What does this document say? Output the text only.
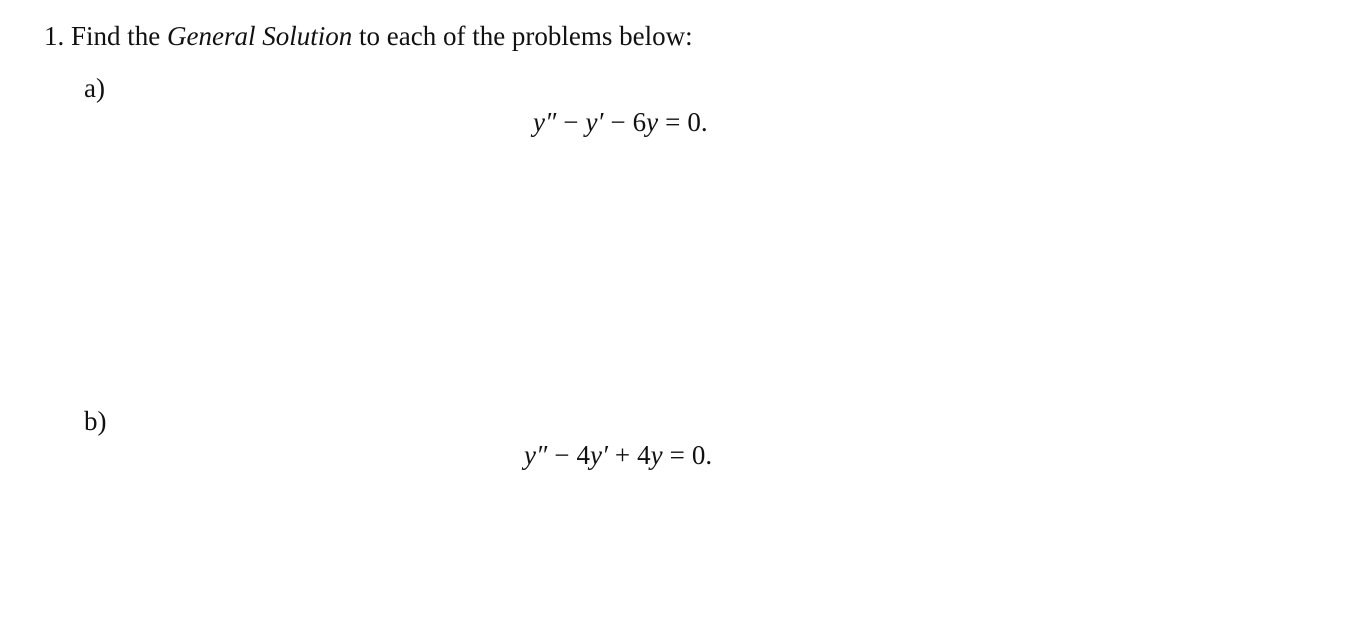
1. Find the General Solution to each of the problems below:
a)
y″ − y′ − 6y = 0.
b)
y″ − 4y′ + 4y = 0.
